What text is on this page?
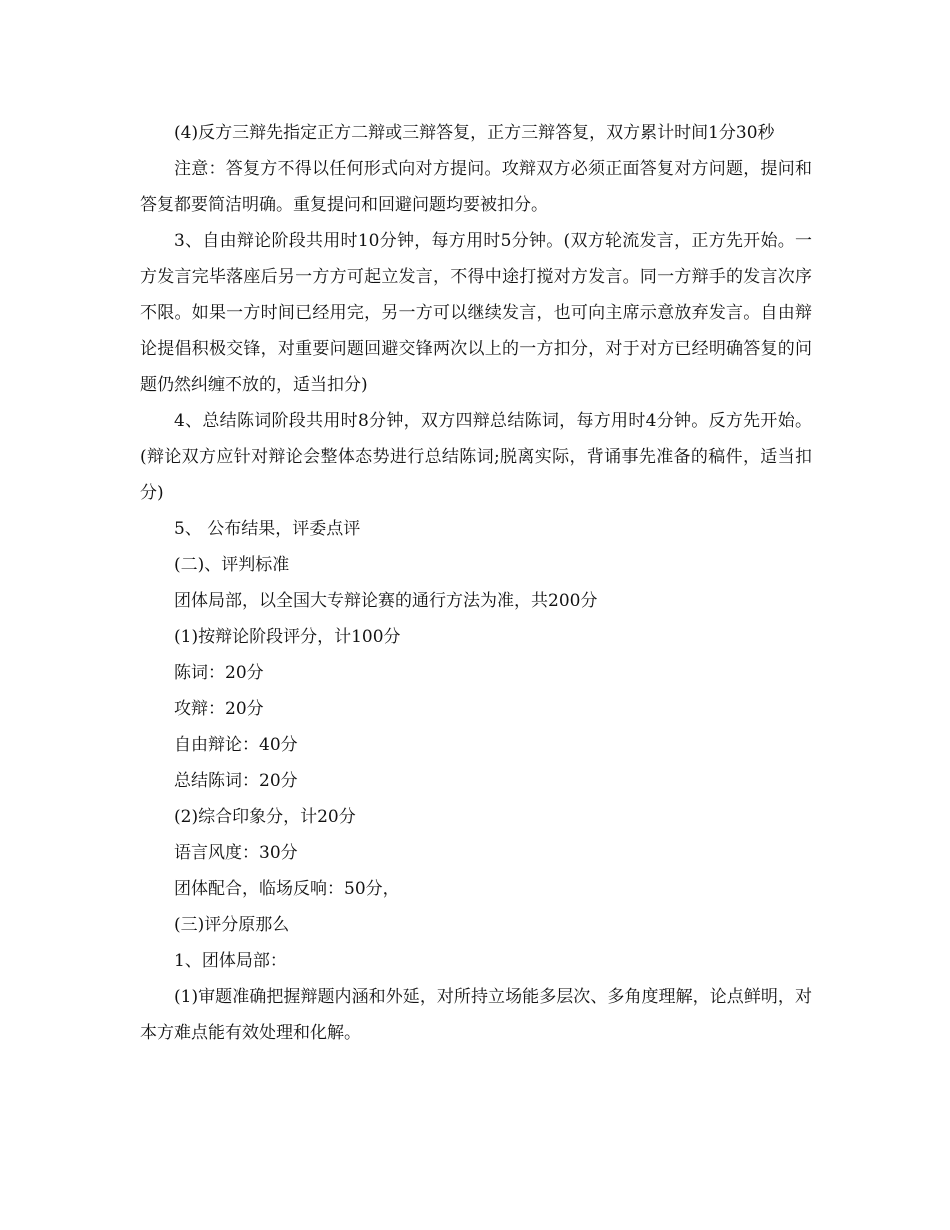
(4)反方三辩先指定正方二辩或三辩答复，正方三辩答复，双方累计时间1分30秒

注意：答复方不得以任何形式向对方提问。攻辩双方必须正面答复对方问题，提问和答复都要简洁明确。重复提问和回避问题均要被扣分。

3、自由辩论阶段共用时10分钟，每方用时5分钟。(双方轮流发言，正方先开始。一方发言完毕落座后另一方方可起立发言，不得中途打搅对方发言。同一方辩手的发言次序不限。如果一方时间已经用完，另一方可以继续发言，也可向主席示意放弃发言。自由辩论提倡积极交锋，对重要问题回避交锋两次以上的一方扣分，对于对方已经明确答复的问题仍然纠缠不放的，适当扣分)

4、总结陈词阶段共用时8分钟，双方四辩总结陈词，每方用时4分钟。反方先开始。(辩论双方应针对辩论会整体态势进行总结陈词;脱离实际，背诵事先准备的稿件，适当扣分)

5、 公布结果，评委点评

(二)、评判标准

团体局部，以全国大专辩论赛的通行方法为准，共200分

(1)按辩论阶段评分，计100分

陈词：20分

攻辩：20分

自由辩论：40分

总结陈词：20分

(2)综合印象分，计20分

语言风度：30分

团体配合，临场反响：50分，

(三)评分原那么

1、团体局部：

(1)审题准确把握辩题内涵和外延，对所持立场能多层次、多角度理解，论点鲜明，对本方难点能有效处理和化解。
